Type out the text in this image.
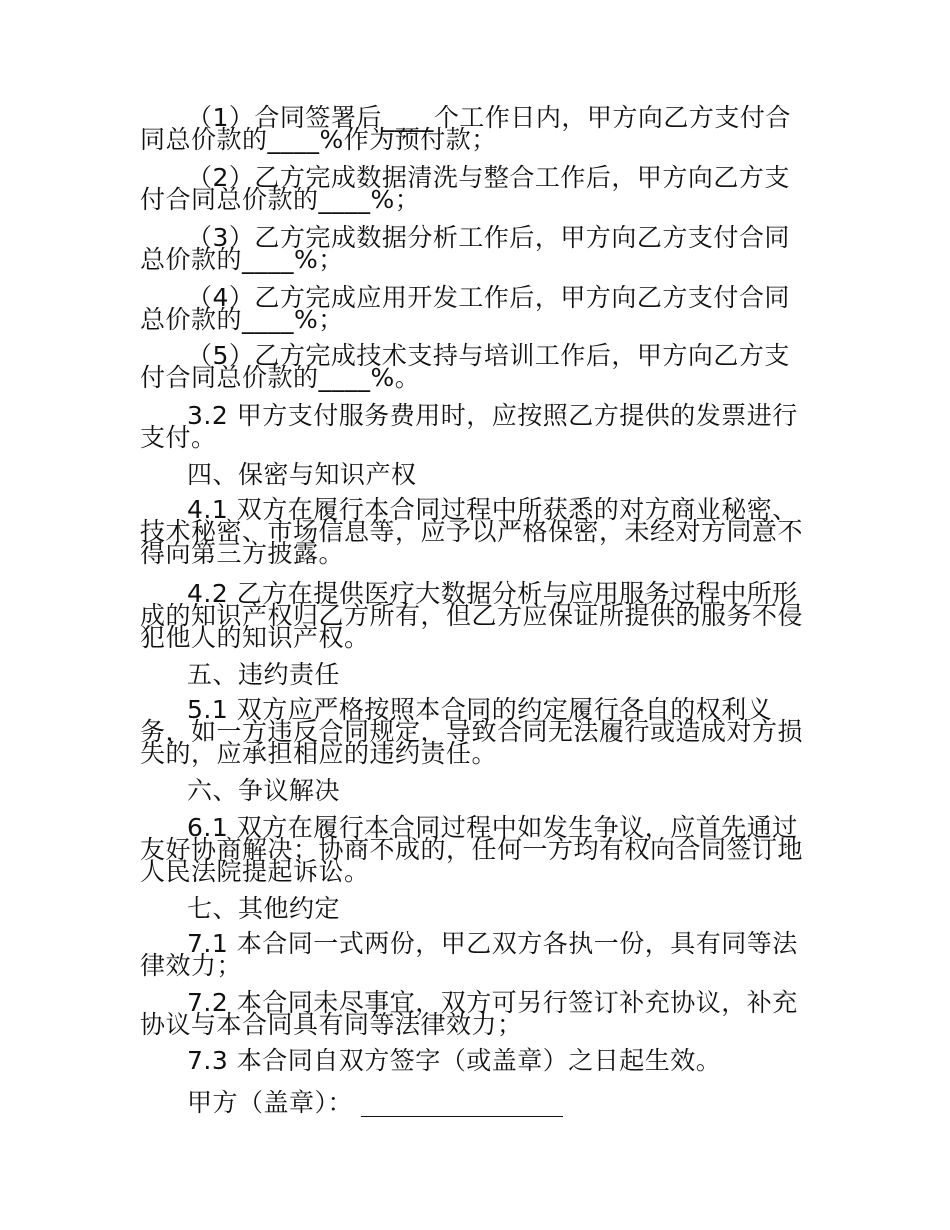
（1）合同签署后____个工作日内，甲方向乙方支付合同总价款的____%作为预付款；

（2）乙方完成数据清洗与整合工作后，甲方向乙方支付合同总价款的____%；

（3）乙方完成数据分析工作后，甲方向乙方支付合同总价款的____%；

（4）乙方完成应用开发工作后，甲方向乙方支付合同总价款的____%；

（5）乙方完成技术支持与培训工作后，甲方向乙方支付合同总价款的____%。

3.2 甲方支付服务费用时，应按照乙方提供的发票进行支付。

四、保密与知识产权

4.1 双方在履行本合同过程中所获悉的对方商业秘密、技术秘密、市场信息等，应予以严格保密，未经对方同意不得向第三方披露。

4.2 乙方在提供医疗大数据分析与应用服务过程中所形成的知识产权归乙方所有，但乙方应保证所提供的服务不侵犯他人的知识产权。

五、违约责任

5.1 双方应严格按照本合同的约定履行各自的权利义务，如一方违反合同规定，导致合同无法履行或造成对方损失的，应承担相应的违约责任。

六、争议解决

6.1 双方在履行本合同过程中如发生争议，应首先通过友好协商解决；协商不成的，任何一方均有权向合同签订地人民法院提起诉讼。

七、其他约定

7.1 本合同一式两份，甲乙双方各执一份，具有同等法律效力；

7.2 本合同未尽事宜，双方可另行签订补充协议，补充协议与本合同具有同等法律效力；

7.3 本合同自双方签字（或盖章）之日起生效。

甲方（盖章）：
